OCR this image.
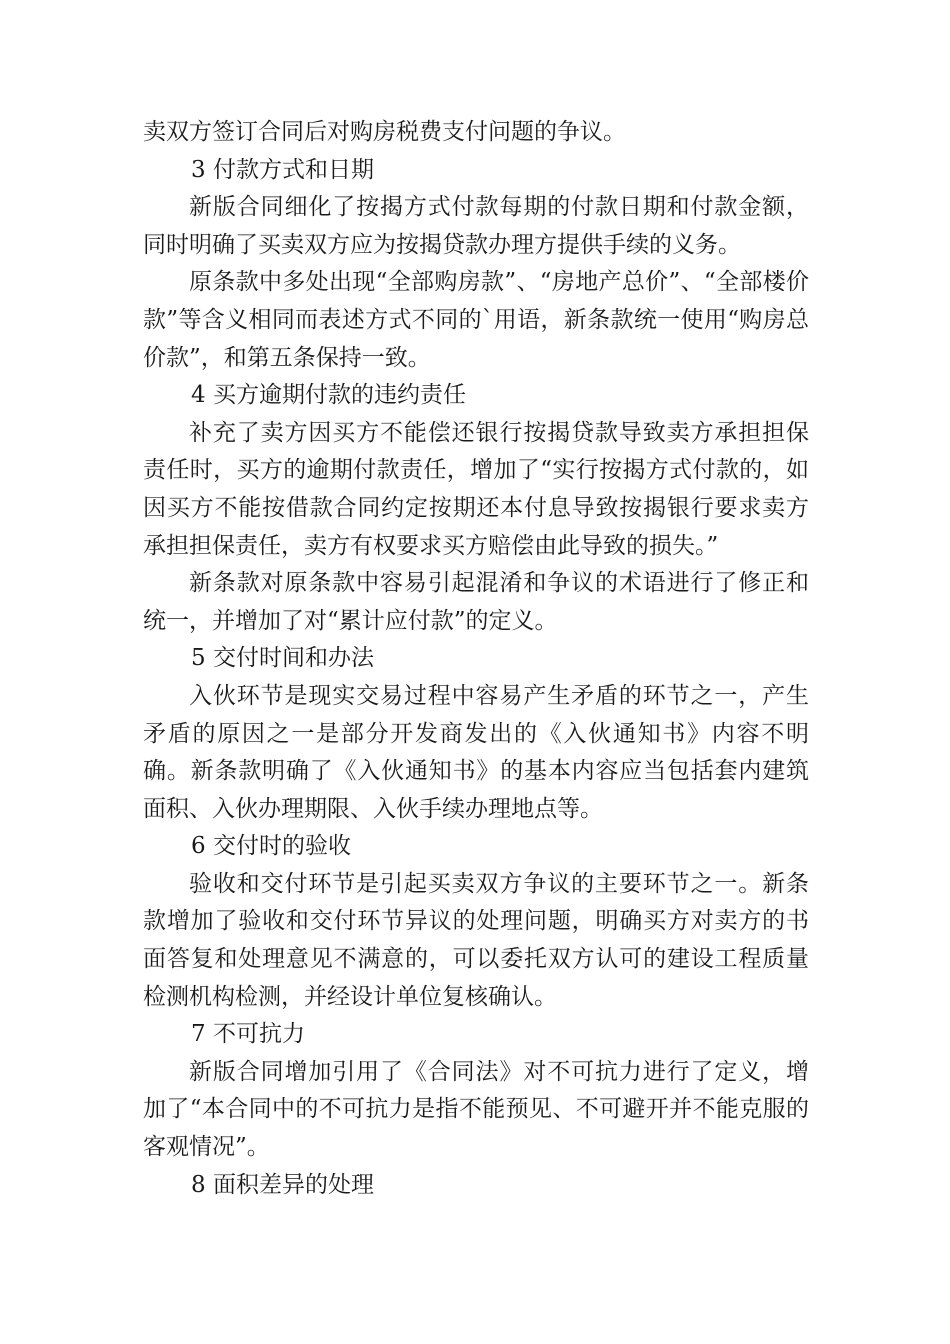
卖双方签订合同后对购房税费支付问题的争议。

3 付款方式和日期

新版合同细化了按揭方式付款每期的付款日期和付款金额，同时明确了买卖双方应为按揭贷款办理方提供手续的义务。

原条款中多处出现“全部购房款”、“房地产总价”、“全部楼价款”等含义相同而表述方式不同的`用语，新条款统一使用“购房总价款”，和第五条保持一致。

4 买方逾期付款的违约责任

补充了卖方因买方不能偿还银行按揭贷款导致卖方承担担保责任时，买方的逾期付款责任，增加了“实行按揭方式付款的，如因买方不能按借款合同约定按期还本付息导致按揭银行要求卖方承担担保责任，卖方有权要求买方赔偿由此导致的损失。”

新条款对原条款中容易引起混淆和争议的术语进行了修正和统一，并增加了对“累计应付款”的定义。

5 交付时间和办法

入伙环节是现实交易过程中容易产生矛盾的环节之一，产生矛盾的原因之一是部分开发商发出的《入伙通知书》内容不明确。新条款明确了《入伙通知书》的基本内容应当包括套内建筑面积、入伙办理期限、入伙手续办理地点等。

6 交付时的验收

验收和交付环节是引起买卖双方争议的主要环节之一。新条款增加了验收和交付环节异议的处理问题，明确买方对卖方的书面答复和处理意见不满意的，可以委托双方认可的建设工程质量检测机构检测，并经设计单位复核确认。

7 不可抗力

新版合同增加引用了《合同法》对不可抗力进行了定义，增加了“本合同中的不可抗力是指不能预见、不可避开并不能克服的客观情况”。

8 面积差异的处理
